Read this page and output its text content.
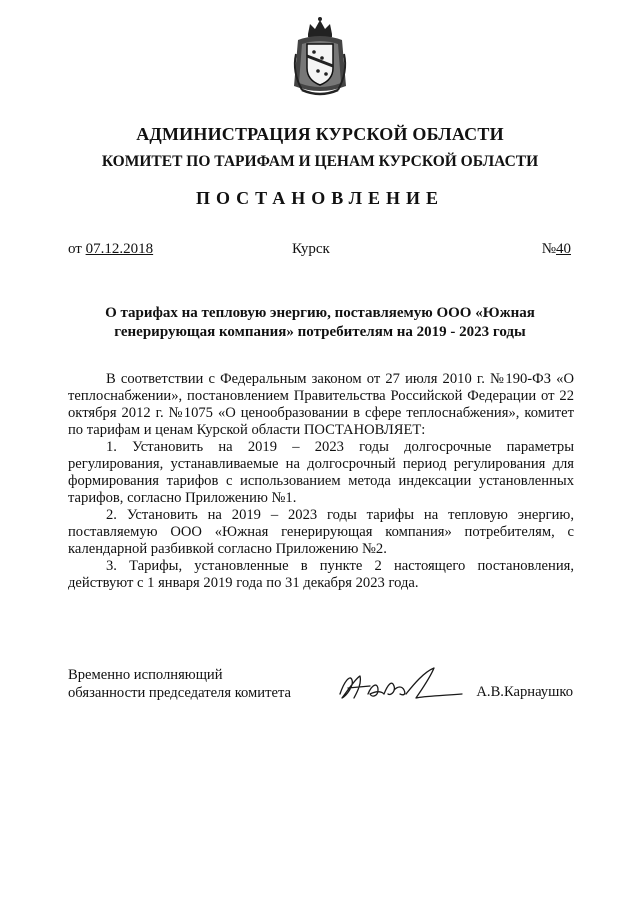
АДМИНИСТРАЦИЯ КУРСКОЙ ОБЛАСТИ
КОМИТЕТ ПО ТАРИФАМ И ЦЕНАМ КУРСКОЙ ОБЛАСТИ
ПОСТАНОВЛЕНИЕ
от 07.12.2018	Курск	№40
О тарифах на тепловую энергию, поставляемую ООО «Южная генерирующая компания» потребителям на 2019 - 2023 годы

В соответствии с Федеральным законом от 27 июля 2010 г. №190-ФЗ «О теплоснабжении», постановлением Правительства Российской Федерации от 22 октября 2012 г. №1075 «О ценообразовании в сфере теплоснабжения», комитет по тарифам и ценам Курской области ПОСТАНОВЛЯЕТ:

1. Установить на 2019 – 2023 годы долгосрочные параметры регулирования, устанавливаемые на долгосрочный период регулирования для формирования тарифов с использованием метода индексации установленных тарифов, согласно Приложению №1.

2. Установить на 2019 – 2023 годы тарифы на тепловую энергию, поставляемую ООО «Южная генерирующая компания» потребителям, с календарной разбивкой согласно Приложению №2.

3. Тарифы, установленные в пункте 2 настоящего постановления, действуют с 1 января 2019 года по 31 декабря 2023 года.

Временно исполняющий
обязанности председателя комитета	А.В.Карнаушко
